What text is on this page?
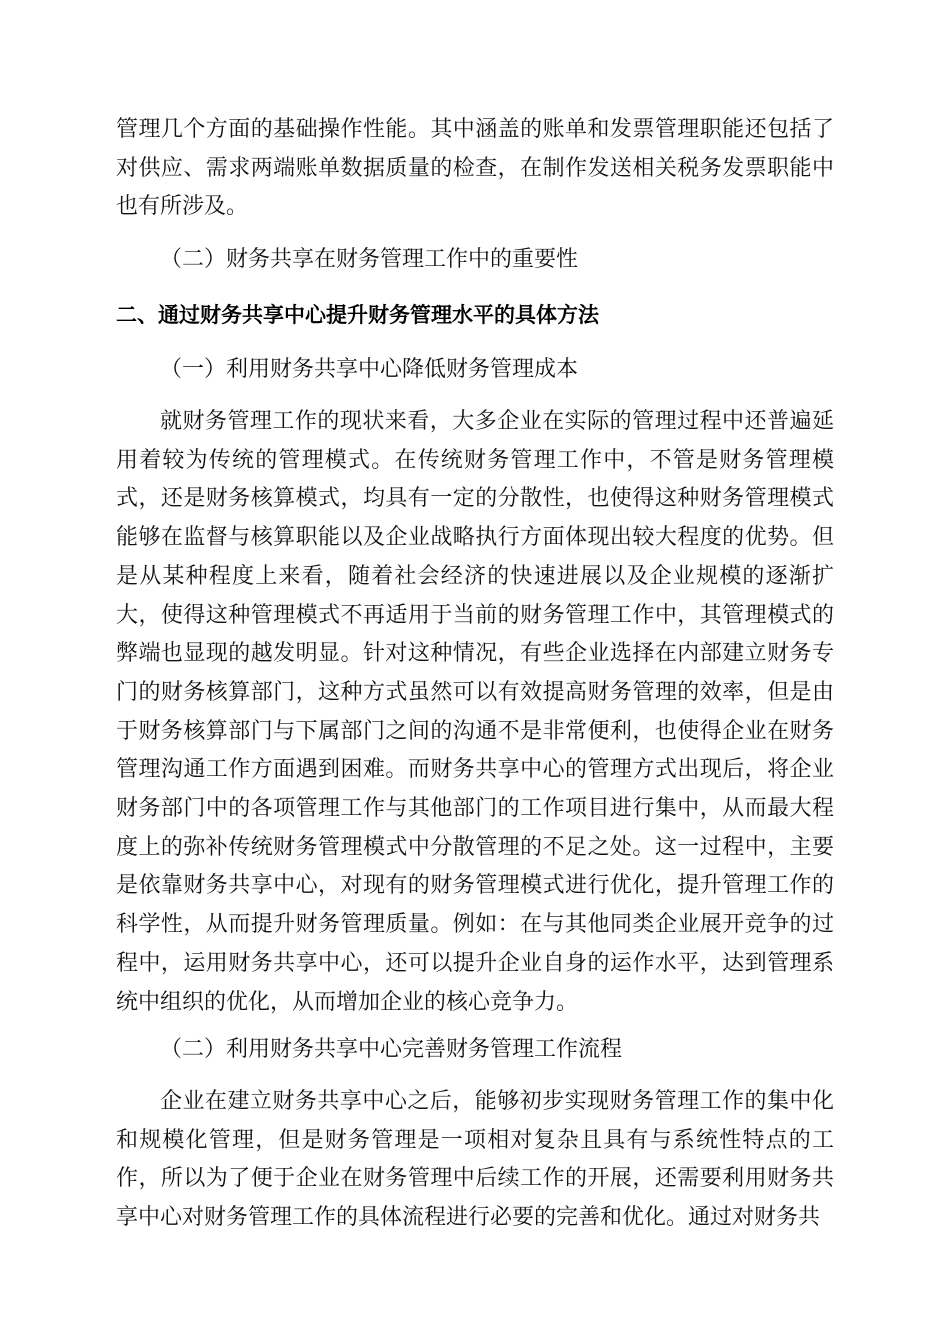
管理几个方面的基础操作性能。其中涵盖的账单和发票管理职能还包括了对供应、需求两端账单数据质量的检查，在制作发送相关税务发票职能中也有所涉及。

（二）财务共享在财务管理工作中的重要性

二、通过财务共享中心提升财务管理水平的具体方法

（一）利用财务共享中心降低财务管理成本

就财务管理工作的现状来看，大多企业在实际的管理过程中还普遍延用着较为传统的管理模式。在传统财务管理工作中，不管是财务管理模式，还是财务核算模式，均具有一定的分散性，也使得这种财务管理模式能够在监督与核算职能以及企业战略执行方面体现出较大程度的优势。但是从某种程度上来看，随着社会经济的快速进展以及企业规模的逐渐扩大，使得这种管理模式不再适用于当前的财务管理工作中，其管理模式的弊端也显现的越发明显。针对这种情况，有些企业选择在内部建立财务专门的财务核算部门，这种方式虽然可以有效提高财务管理的效率，但是由于财务核算部门与下属部门之间的沟通不是非常便利，也使得企业在财务管理沟通工作方面遇到困难。而财务共享中心的管理方式出现后，将企业财务部门中的各项管理工作与其他部门的工作项目进行集中，从而最大程度上的弥补传统财务管理模式中分散管理的不足之处。这一过程中，主要是依靠财务共享中心，对现有的财务管理模式进行优化，提升管理工作的科学性，从而提升财务管理质量。例如：在与其他同类企业展开竞争的过程中，运用财务共享中心，还可以提升企业自身的运作水平，达到管理系统中组织的优化，从而增加企业的核心竞争力。

（二）利用财务共享中心完善财务管理工作流程

企业在建立财务共享中心之后，能够初步实现财务管理工作的集中化和规模化管理，但是财务管理是一项相对复杂且具有与系统性特点的工作，所以为了便于企业在财务管理中后续工作的开展，还需要利用财务共享中心对财务管理工作的具体流程进行必要的完善和优化。通过对财务共
